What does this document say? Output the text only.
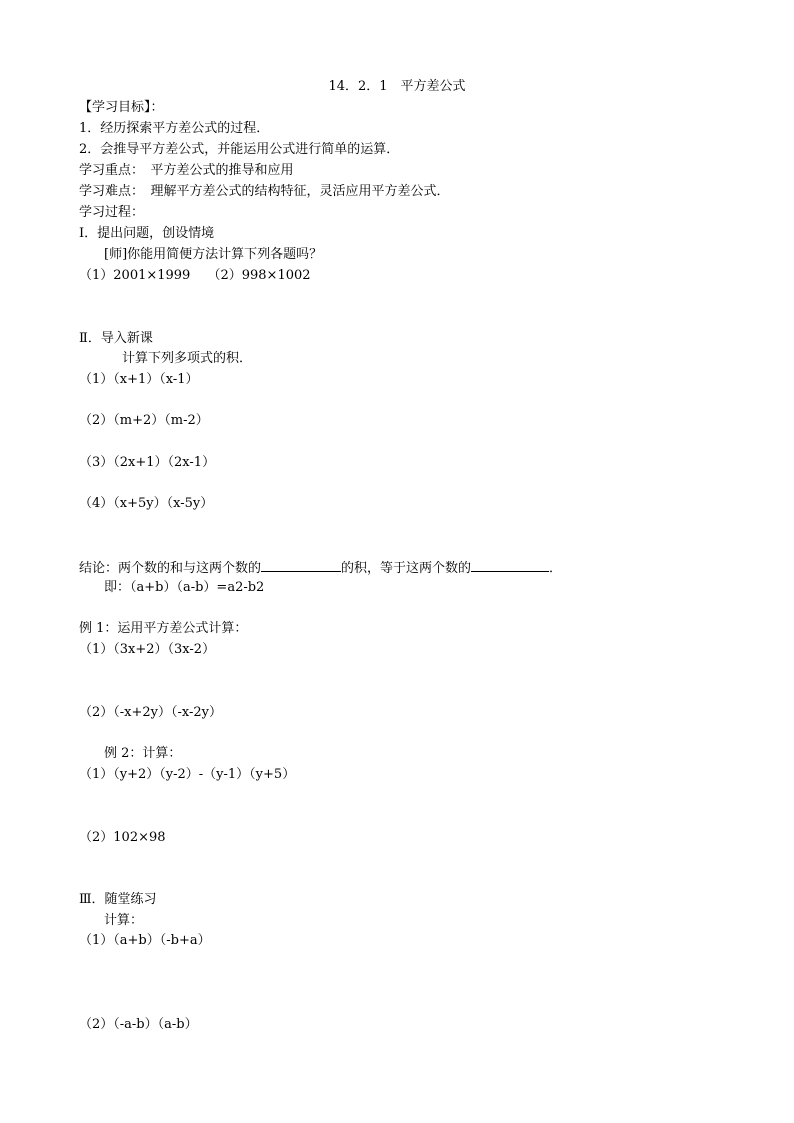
14．2．1　平方差公式
【学习目标】：
1．经历探索平方差公式的过程．
2．会推导平方差公式，并能运用公式进行简单的运算．
学习重点：　平方差公式的推导和应用
学习难点：　理解平方差公式的结构特征，灵活应用平方差公式．
学习过程：
Ⅰ．提出问题，创设情境
[师]你能用简便方法计算下列各题吗？
（1）2001×1999　 （2）998×1002
Ⅱ．导入新课
计算下列多项式的积．
（1）（x+1）（x-1）
（2）（m+2）（m-2）
（3）（2x+1）（2x-1）
（4）（x+5y）（x-5y）
结论：两个数的和与这两个数的	的积，等于这两个数的	．
即：（a+b）（a-b）=a2-b2
例 1：运用平方差公式计算：
（1）（3x+2）（3x-2）
（2）（-x+2y）（-x-2y）
例 2：计算：
（1）（y+2）（y-2）-（y-1）（y+5）
（2）102×98
Ⅲ．随堂练习
计算：
（1）（a+b）（-b+a）
（2）（-a-b）（a-b）
